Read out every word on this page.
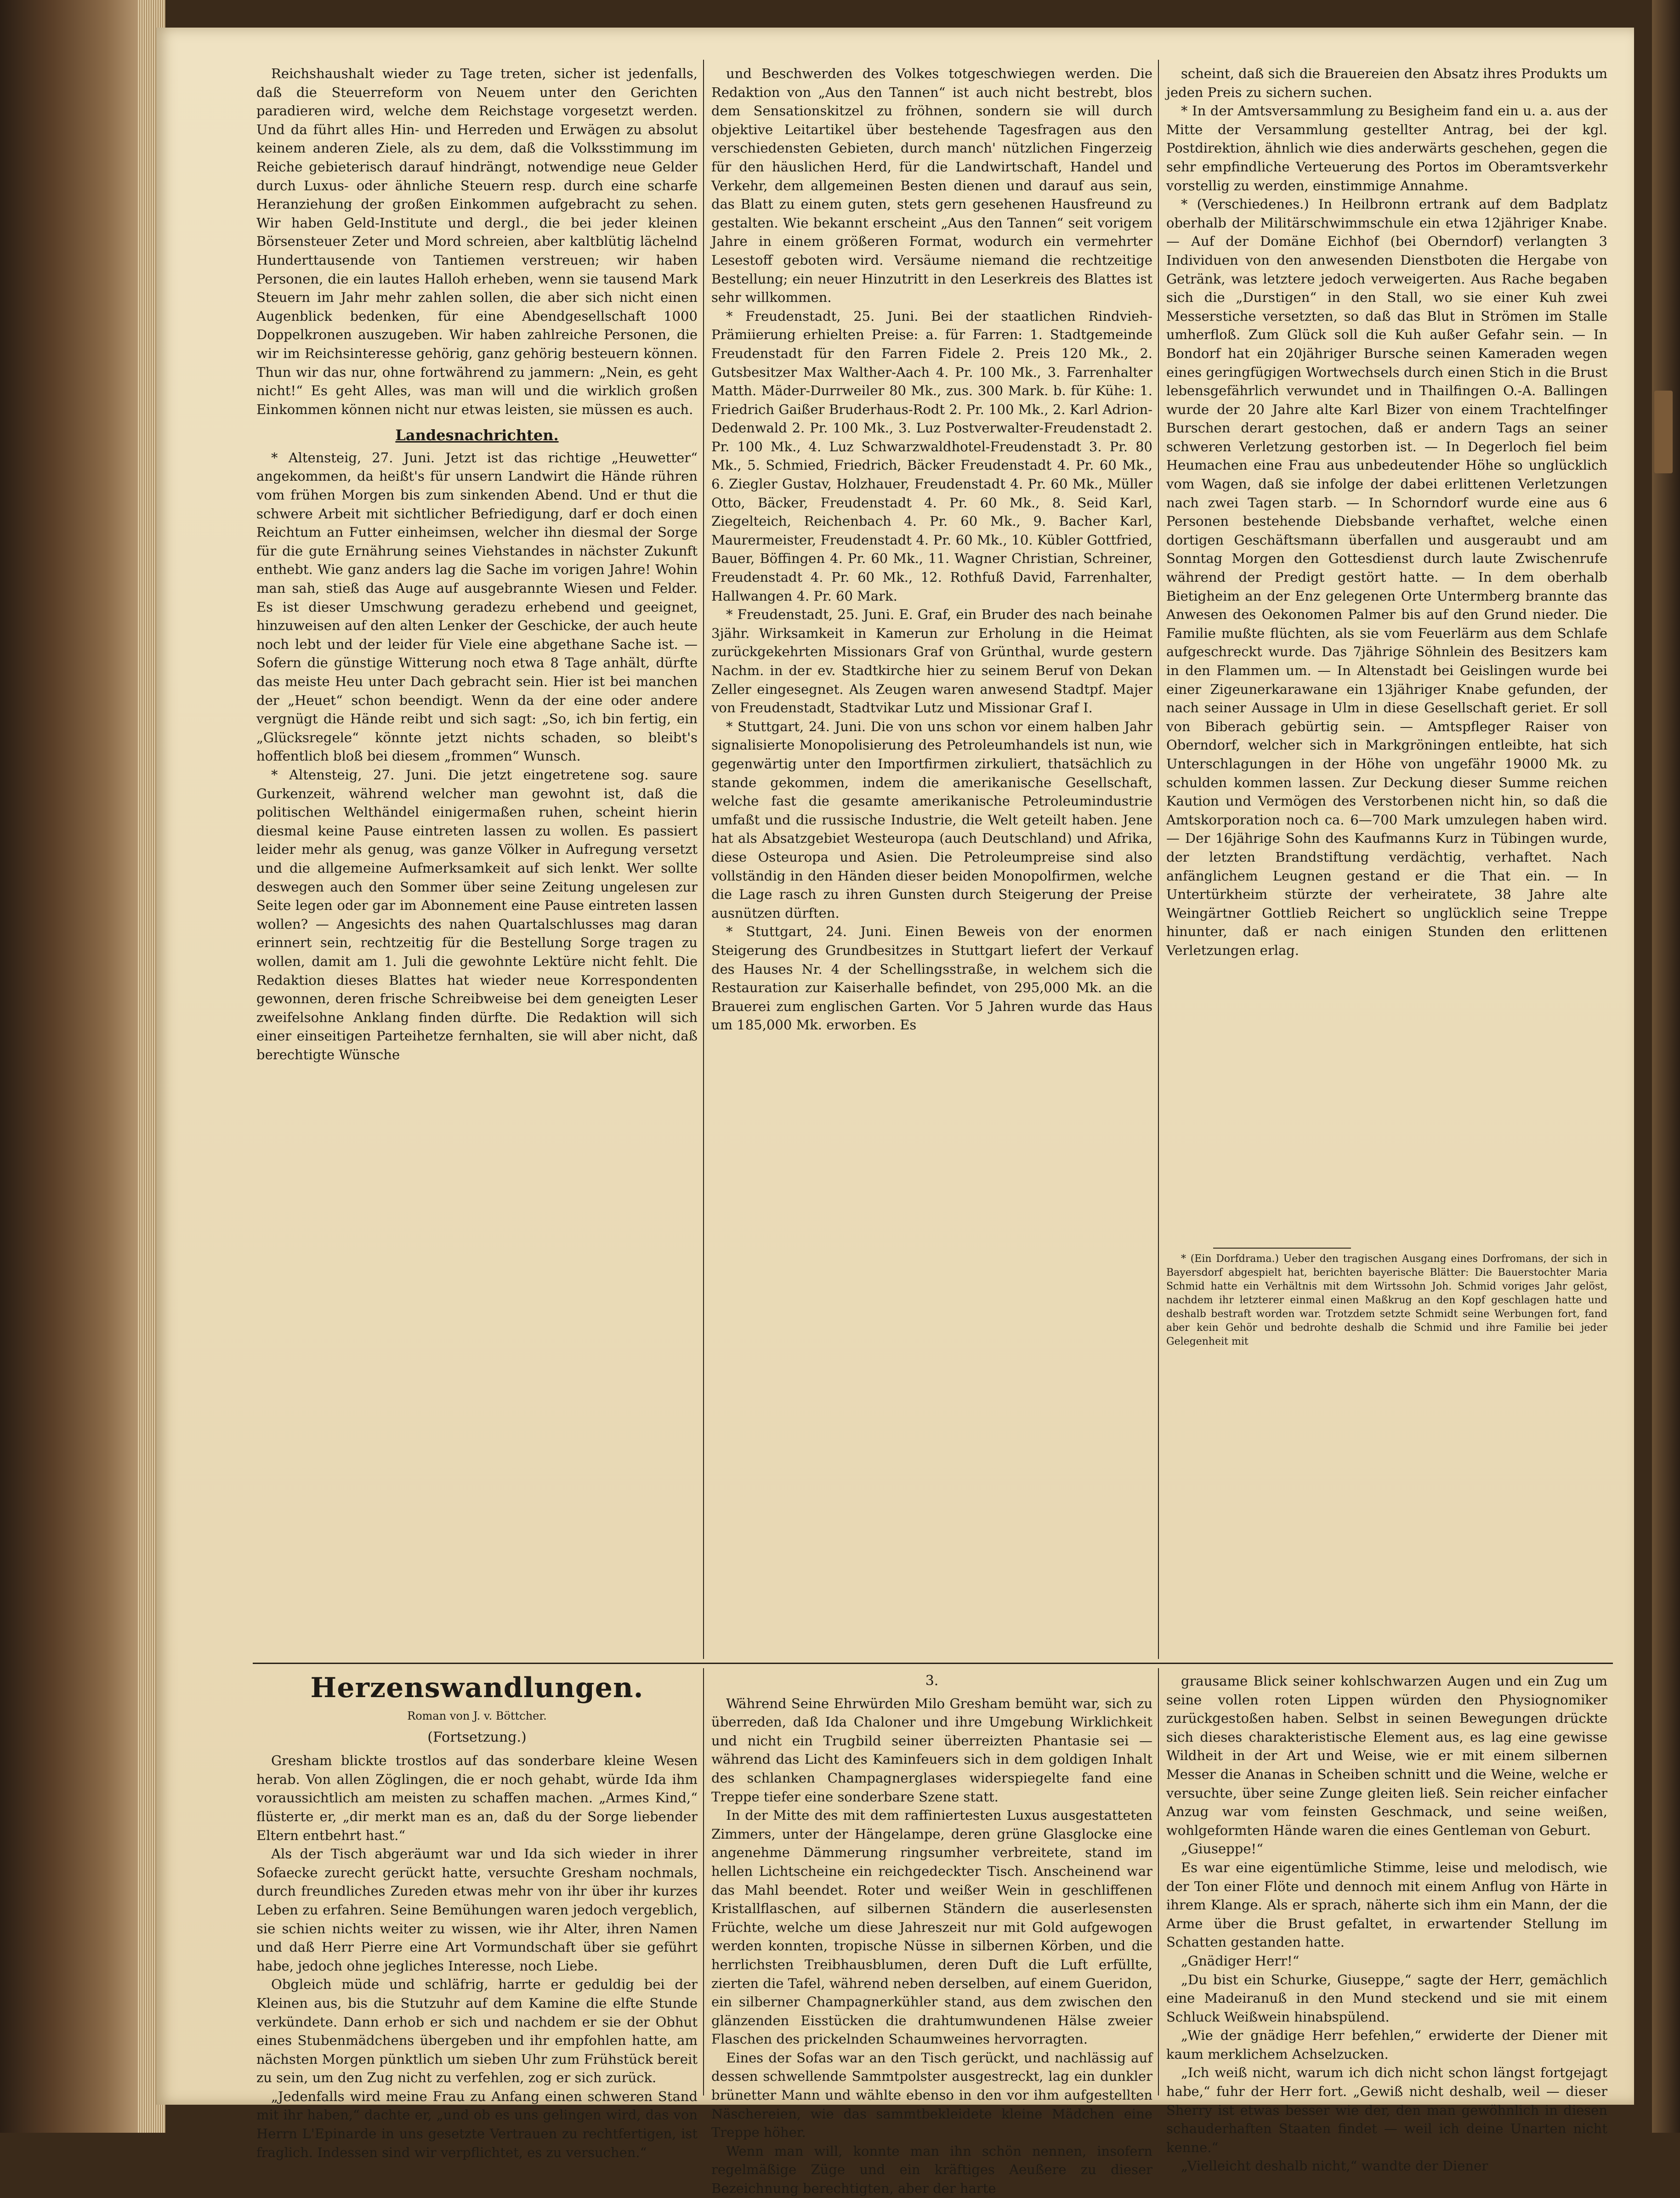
Reichshaushalt wieder zu Tage treten, sicher ist jedenfalls, daß die Steuerreform von Neuem unter den Gerichten paradieren wird, welche dem Reichstage vorgesetzt werden. Und da führt alles Hin- und Herreden und Erwägen zu absolut keinem anderen Ziele, als zu dem, daß die Volksstimmung im Reiche gebieterisch darauf hindrängt, notwendige neue Gelder durch Luxus- oder ähnliche Steuern resp. durch eine scharfe Heranziehung der großen Einkommen aufgebracht zu sehen. Wir haben Geld-Institute und dergl., die bei jeder kleinen Börsensteuer Zeter und Mord schreien, aber kaltblütig lächelnd Hunderttausende von Tantiemen verstreuen; wir haben Personen, die ein lautes Halloh erheben, wenn sie tausend Mark Steuern im Jahr mehr zahlen sollen, die aber sich nicht einen Augenblick bedenken, für eine Abendgesellschaft 1000 Doppelkronen auszugeben. Wir haben zahlreiche Personen, die wir im Reichsinteresse gehörig, ganz gehörig besteuern können. Thun wir das nur, ohne fortwährend zu jammern: „Nein, es geht nicht!“ Es geht Alles, was man will und die wirklich großen Einkommen können nicht nur etwas leisten, sie müssen es auch.

Landesnachrichten.

* Altensteig, 27. Juni. Jetzt ist das richtige „Heuwetter“ angekommen, da heißt's für unsern Landwirt die Hände rühren vom frühen Morgen bis zum sinkenden Abend. Und er thut die schwere Arbeit mit sichtlicher Befriedigung, darf er doch einen Reichtum an Futter einheimsen, welcher ihn diesmal der Sorge für die gute Ernährung seines Viehstandes in nächster Zukunft enthebt. Wie ganz anders lag die Sache im vorigen Jahre! Wohin man sah, stieß das Auge auf ausgebrannte Wiesen und Felder. Es ist dieser Umschwung geradezu erhebend und geeignet, hinzuweisen auf den alten Lenker der Geschicke, der auch heute noch lebt und der leider für Viele eine abgethane Sache ist. — Sofern die günstige Witterung noch etwa 8 Tage anhält, dürfte das meiste Heu unter Dach gebracht sein. Hier ist bei manchen der „Heuet“ schon beendigt. Wenn da der eine oder andere vergnügt die Hände reibt und sich sagt: „So, ich bin fertig, ein „Glücksregele“ könnte jetzt nichts schaden, so bleibt's hoffentlich bloß bei diesem „frommen“ Wunsch.

* Altensteig, 27. Juni. Die jetzt eingetretene sog. saure Gurkenzeit, während welcher man gewohnt ist, daß die politischen Welthändel einigermaßen ruhen, scheint hierin diesmal keine Pause eintreten lassen zu wollen. Es passiert leider mehr als genug, was ganze Völker in Aufregung versetzt und die allgemeine Aufmerksamkeit auf sich lenkt. Wer sollte deswegen auch den Sommer über seine Zeitung ungelesen zur Seite legen oder gar im Abonnement eine Pause eintreten lassen wollen? — Angesichts des nahen Quartalschlusses mag daran erinnert sein, rechtzeitig für die Bestellung Sorge tragen zu wollen, damit am 1. Juli die gewohnte Lektüre nicht fehlt. Die Redaktion dieses Blattes hat wieder neue Korrespondenten gewonnen, deren frische Schreibweise bei dem geneigten Leser zweifelsohne Anklang finden dürfte. Die Redaktion will sich einer einseitigen Parteihetze fernhalten, sie will aber nicht, daß berechtigte Wünsche

und Beschwerden des Volkes totgeschwiegen werden. Die Redaktion von „Aus den Tannen“ ist auch nicht bestrebt, blos dem Sensationskitzel zu fröhnen, sondern sie will durch objektive Leitartikel über bestehende Tagesfragen aus den verschiedensten Gebieten, durch manch' nützlichen Fingerzeig für den häuslichen Herd, für die Landwirtschaft, Handel und Verkehr, dem allgemeinen Besten dienen und darauf aus sein, das Blatt zu einem guten, stets gern gesehenen Hausfreund zu gestalten. Wie bekannt erscheint „Aus den Tannen“ seit vorigem Jahre in einem größeren Format, wodurch ein vermehrter Lesestoff geboten wird. Versäume niemand die rechtzeitige Bestellung; ein neuer Hinzutritt in den Leserkreis des Blattes ist sehr willkommen.

* Freudenstadt, 25. Juni. Bei der staatlichen Rindvieh-Prämiierung erhielten Preise: a. für Farren: 1. Stadtgemeinde Freudenstadt für den Farren Fidele 2. Preis 120 Mk., 2. Gutsbesitzer Max Walther-Aach 4. Pr. 100 Mk., 3. Farrenhalter Matth. Mäder-Durrweiler 80 Mk., zus. 300 Mark. b. für Kühe: 1. Friedrich Gaißer Bruderhaus-Rodt 2. Pr. 100 Mk., 2. Karl Adrion-Dedenwald 2. Pr. 100 Mk., 3. Luz Postverwalter-Freudenstadt 2. Pr. 100 Mk., 4. Luz Schwarzwaldhotel-Freudenstadt 3. Pr. 80 Mk., 5. Schmied, Friedrich, Bäcker Freudenstadt 4. Pr. 60 Mk., 6. Ziegler Gustav, Holzhauer, Freudenstadt 4. Pr. 60 Mk., Müller Otto, Bäcker, Freudenstadt 4. Pr. 60 Mk., 8. Seid Karl, Ziegelteich, Reichenbach 4. Pr. 60 Mk., 9. Bacher Karl, Maurermeister, Freudenstadt 4. Pr. 60 Mk., 10. Kübler Gottfried, Bauer, Böffingen 4. Pr. 60 Mk., 11. Wagner Christian, Schreiner, Freudenstadt 4. Pr. 60 Mk., 12. Rothfuß David, Farrenhalter, Hallwangen 4. Pr. 60 Mark.

* Freudenstadt, 25. Juni. E. Graf, ein Bruder des nach beinahe 3jähr. Wirksamkeit in Kamerun zur Erholung in die Heimat zurückgekehrten Missionars Graf von Grünthal, wurde gestern Nachm. in der ev. Stadtkirche hier zu seinem Beruf von Dekan Zeller eingesegnet. Als Zeugen waren anwesend Stadtpf. Majer von Freudenstadt, Stadtvikar Lutz und Missionar Graf I.

* Stuttgart, 24. Juni. Die von uns schon vor einem halben Jahr signalisierte Monopolisierung des Petroleumhandels ist nun, wie gegenwärtig unter den Importfirmen zirkuliert, thatsächlich zu stande gekommen, indem die amerikanische Gesellschaft, welche fast die gesamte amerikanische Petroleumindustrie umfaßt und die russische Industrie, die Welt geteilt haben. Jene hat als Absatzgebiet Westeuropa (auch Deutschland) und Afrika, diese Osteuropa und Asien. Die Petroleumpreise sind also vollständig in den Händen dieser beiden Monopolfirmen, welche die Lage rasch zu ihren Gunsten durch Steigerung der Preise ausnützen dürften.

* Stuttgart, 24. Juni. Einen Beweis von der enormen Steigerung des Grundbesitzes in Stuttgart liefert der Verkauf des Hauses Nr. 4 der Schellingsstraße, in welchem sich die Restauration zur Kaiserhalle befindet, von 295,000 Mk. an die Brauerei zum englischen Garten. Vor 5 Jahren wurde das Haus um 185,000 Mk. erworben. Es

scheint, daß sich die Brauereien den Absatz ihres Produkts um jeden Preis zu sichern suchen.

* In der Amtsversammlung zu Besigheim fand ein u. a. aus der Mitte der Versammlung gestellter Antrag, bei der kgl. Postdirektion, ähnlich wie dies anderwärts geschehen, gegen die sehr empfindliche Verteuerung des Portos im Oberamtsverkehr vorstellig zu werden, einstimmige Annahme.

* (Verschiedenes.) In Heilbronn ertrank auf dem Badplatz oberhalb der Militärschwimmschule ein etwa 12jähriger Knabe. — Auf der Domäne Eichhof (bei Oberndorf) verlangten 3 Individuen von den anwesenden Dienstboten die Hergabe von Getränk, was letztere jedoch verweigerten. Aus Rache begaben sich die „Durstigen“ in den Stall, wo sie einer Kuh zwei Messerstiche versetzten, so daß das Blut in Strömen im Stalle umherfloß. Zum Glück soll die Kuh außer Gefahr sein. — In Bondorf hat ein 20jähriger Bursche seinen Kameraden wegen eines geringfügigen Wortwechsels durch einen Stich in die Brust lebensgefährlich verwundet und in Thailfingen O.-A. Ballingen wurde der 20 Jahre alte Karl Bizer von einem Trachtelfinger Burschen derart gestochen, daß er andern Tags an seiner schweren Verletzung gestorben ist. — In Degerloch fiel beim Heumachen eine Frau aus unbedeutender Höhe so unglücklich vom Wagen, daß sie infolge der dabei erlittenen Verletzungen nach zwei Tagen starb. — In Schorndorf wurde eine aus 6 Personen bestehende Diebsbande verhaftet, welche einen dortigen Geschäftsmann überfallen und ausgeraubt und am Sonntag Morgen den Gottesdienst durch laute Zwischenrufe während der Predigt gestört hatte. — In dem oberhalb Bietigheim an der Enz gelegenen Orte Untermberg brannte das Anwesen des Oekonomen Palmer bis auf den Grund nieder. Die Familie mußte flüchten, als sie vom Feuerlärm aus dem Schlafe aufgeschreckt wurde. Das 7jährige Söhnlein des Besitzers kam in den Flammen um. — In Altenstadt bei Geislingen wurde bei einer Zigeunerkarawane ein 13jähriger Knabe gefunden, der nach seiner Aussage in Ulm in diese Gesellschaft geriet. Er soll von Biberach gebürtig sein. — Amtspfleger Raiser von Oberndorf, welcher sich in Markgröningen entleibte, hat sich Unterschlagungen in der Höhe von ungefähr 19000 Mk. zu schulden kommen lassen. Zur Deckung dieser Summe reichen Kaution und Vermögen des Verstorbenen nicht hin, so daß die Amtskorporation noch ca. 6—700 Mark umzulegen haben wird. — Der 16jährige Sohn des Kaufmanns Kurz in Tübingen wurde, der letzten Brandstiftung verdächtig, verhaftet. Nach anfänglichem Leugnen gestand er die That ein. — In Untertürkheim stürzte der verheiratete, 38 Jahre alte Weingärtner Gottlieb Reichert so unglücklich seine Treppe hinunter, daß er nach einigen Stunden den erlittenen Verletzungen erlag.

* (Ein Dorfdrama.) Ueber den tragischen Ausgang eines Dorfromans, der sich in Bayersdorf abgespielt hat, berichten bayerische Blätter: Die Bauerstochter Maria Schmid hatte ein Verhältnis mit dem Wirtssohn Joh. Schmid voriges Jahr gelöst, nachdem ihr letzterer einmal einen Maßkrug an den Kopf geschlagen hatte und deshalb bestraft worden war. Trotzdem setzte Schmidt seine Werbungen fort, fand aber kein Gehör und bedrohte deshalb die Schmid und ihre Familie bei jeder Gelegenheit mit

Herzenswandlungen.
Roman von J. v. Böttcher.
(Fortsetzung.)

Gresham blickte trostlos auf das sonderbare kleine Wesen herab. Von allen Zöglingen, die er noch gehabt, würde Ida ihm voraussichtlich am meisten zu schaffen machen. „Armes Kind,“ flüsterte er, „dir merkt man es an, daß du der Sorge liebender Eltern entbehrt hast.“

Als der Tisch abgeräumt war und Ida sich wieder in ihrer Sofaecke zurecht gerückt hatte, versuchte Gresham nochmals, durch freundliches Zureden etwas mehr von ihr über ihr kurzes Leben zu erfahren. Seine Bemühungen waren jedoch vergeblich, sie schien nichts weiter zu wissen, wie ihr Alter, ihren Namen und daß Herr Pierre eine Art Vormundschaft über sie geführt habe, jedoch ohne jegliches Interesse, noch Liebe.

Obgleich müde und schläfrig, harrte er geduldig bei der Kleinen aus, bis die Stutzuhr auf dem Kamine die elfte Stunde verkündete. Dann erhob er sich und nachdem er sie der Obhut eines Stubenmädchens übergeben und ihr empfohlen hatte, am nächsten Morgen pünktlich um sieben Uhr zum Frühstück bereit zu sein, um den Zug nicht zu verfehlen, zog er sich zurück.

„Jedenfalls wird meine Frau zu Anfang einen schweren Stand mit ihr haben,“ dachte er, „und ob es uns gelingen wird, das von Herrn L'Epinarde in uns gesetzte Vertrauen zu rechtfertigen, ist fraglich. Indessen sind wir verpflichtet, es zu versuchen.“

3.

Während Seine Ehrwürden Milo Gresham bemüht war, sich zu überreden, daß Ida Chaloner und ihre Umgebung Wirklichkeit und nicht ein Trugbild seiner überreizten Phantasie sei — während das Licht des Kaminfeuers sich in dem goldigen Inhalt des schlanken Champagnerglases widerspiegelte fand eine Treppe tiefer eine sonderbare Szene statt.

In der Mitte des mit dem raffiniertesten Luxus ausgestatteten Zimmers, unter der Hängelampe, deren grüne Glasglocke eine angenehme Dämmerung ringsumher verbreitete, stand im hellen Lichtscheine ein reichgedeckter Tisch. Anscheinend war das Mahl beendet. Roter und weißer Wein in geschliffenen Kristallflaschen, auf silbernen Ständern die auserlesensten Früchte, welche um diese Jahreszeit nur mit Gold aufgewogen werden konnten, tropische Nüsse in silbernen Körben, und die herrlichsten Treibhausblumen, deren Duft die Luft erfüllte, zierten die Tafel, während neben derselben, auf einem Gueridon, ein silberner Champagnerkühler stand, aus dem zwischen den glänzenden Eisstücken die drahtumwundenen Hälse zweier Flaschen des prickelnden Schaumweines hervorragten.

Eines der Sofas war an den Tisch gerückt, und nachlässig auf dessen schwellende Sammtpolster ausgestreckt, lag ein dunkler brünetter Mann und wählte ebenso in den vor ihm aufgestellten Näschereien, wie das sammtbekleidete kleine Mädchen eine Treppe höher.

Wenn man will, konnte man ihn schön nennen, insofern regelmäßige Züge und ein kräftiges Aeußere zu dieser Bezeichnung berechtigten, aber der harte

grausame Blick seiner kohlschwarzen Augen und ein Zug um seine vollen roten Lippen würden den Physiognomiker zurückgestoßen haben. Selbst in seinen Bewegungen drückte sich dieses charakteristische Element aus, es lag eine gewisse Wildheit in der Art und Weise, wie er mit einem silbernen Messer die Ananas in Scheiben schnitt und die Weine, welche er versuchte, über seine Zunge gleiten ließ. Sein reicher einfacher Anzug war vom feinsten Geschmack, und seine weißen, wohlgeformten Hände waren die eines Gentleman von Geburt.

„Giuseppe!“

Es war eine eigentümliche Stimme, leise und melodisch, wie der Ton einer Flöte und dennoch mit einem Anflug von Härte in ihrem Klange. Als er sprach, näherte sich ihm ein Mann, der die Arme über die Brust gefaltet, in erwartender Stellung im Schatten gestanden hatte.

„Gnädiger Herr!“

„Du bist ein Schurke, Giuseppe,“ sagte der Herr, gemächlich eine Madeiranuß in den Mund steckend und sie mit einem Schluck Weißwein hinabspülend.

„Wie der gnädige Herr befehlen,“ erwiderte der Diener mit kaum merklichem Achselzucken.

„Ich weiß nicht, warum ich dich nicht schon längst fortgejagt habe,“ fuhr der Herr fort. „Gewiß nicht deshalb, weil — dieser Sherry ist etwas besser wie der, den man gewöhnlich in diesen schauderhaften Staaten findet — weil ich deine Unarten nicht kenne.“

„Vielleicht deshalb nicht,“ wandte der Diener
